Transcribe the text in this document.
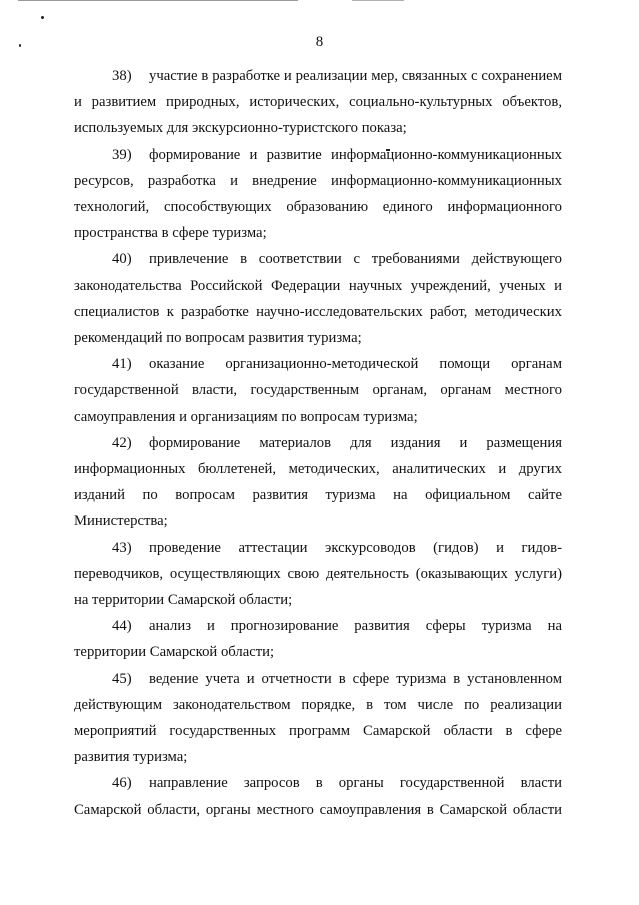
8

38) участие в разработке и реализации мер, связанных с сохранением и развитием природных, исторических, социально-культурных объектов, используемых для экскурсионно-туристского показа;

39) формирование и развитие информационно-коммуникационных ресурсов, разработка и внедрение информационно-коммуникационных технологий, способствующих образованию единого информационного пространства в сфере туризма;

40) привлечение в соответствии с требованиями действующего законодательства Российской Федерации научных учреждений, ученых и специалистов к разработке научно-исследовательских работ, методических рекомендаций по вопросам развития туризма;

41) оказание организационно-методической помощи органам государственной власти, государственным органам, органам местного самоуправления и организациям по вопросам туризма;

42) формирование материалов для издания и размещения информационных бюллетеней, методических, аналитических и других изданий по вопросам развития туризма на официальном сайте Министерства;

43) проведение аттестации экскурсоводов (гидов) и гидов-переводчиков, осуществляющих свою деятельность (оказывающих услуги) на территории Самарской области;

44) анализ и прогнозирование развития сферы туризма на территории Самарской области;

45) ведение учета и отчетности в сфере туризма в установленном действующим законодательством порядке, в том числе по реализации мероприятий государственных программ Самарской области в сфере развития туризма;

46) направление запросов в органы государственной власти Самарской области, органы местного самоуправления в Самарской области
